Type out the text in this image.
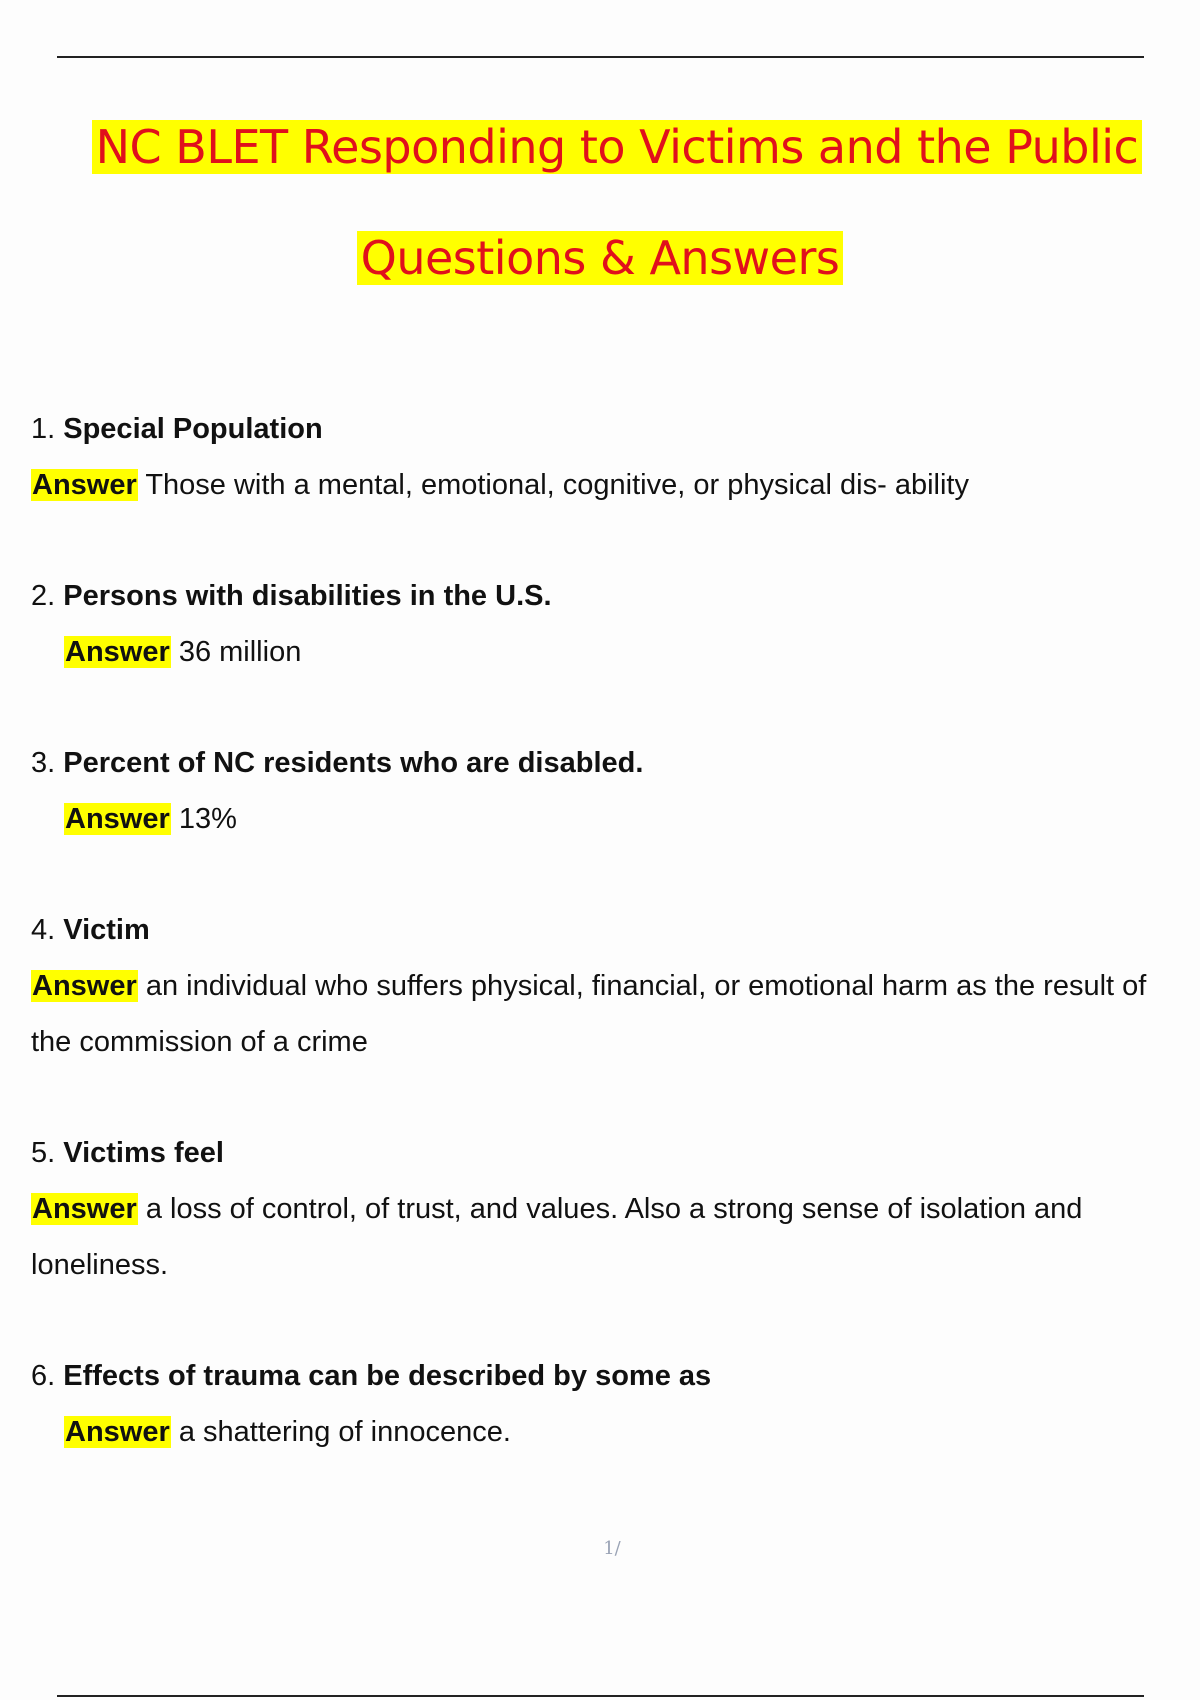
NC BLET Responding to Victims and the Public
Questions & Answers
1. Special Population
Answer Those with a mental, emotional, cognitive, or physical dis- ability
2. Persons with disabilities in the U.S.
Answer 36 million
3. Percent of NC residents who are disabled.
Answer 13%
4. Victim
Answer an individual who suffers physical, financial, or emotional harm as the result of the commission of a crime
5. Victims feel
Answer a loss of control, of trust, and values. Also a strong sense of isolation and loneliness.
6. Effects of trauma can be described by some as
Answer a shattering of innocence.
1/
